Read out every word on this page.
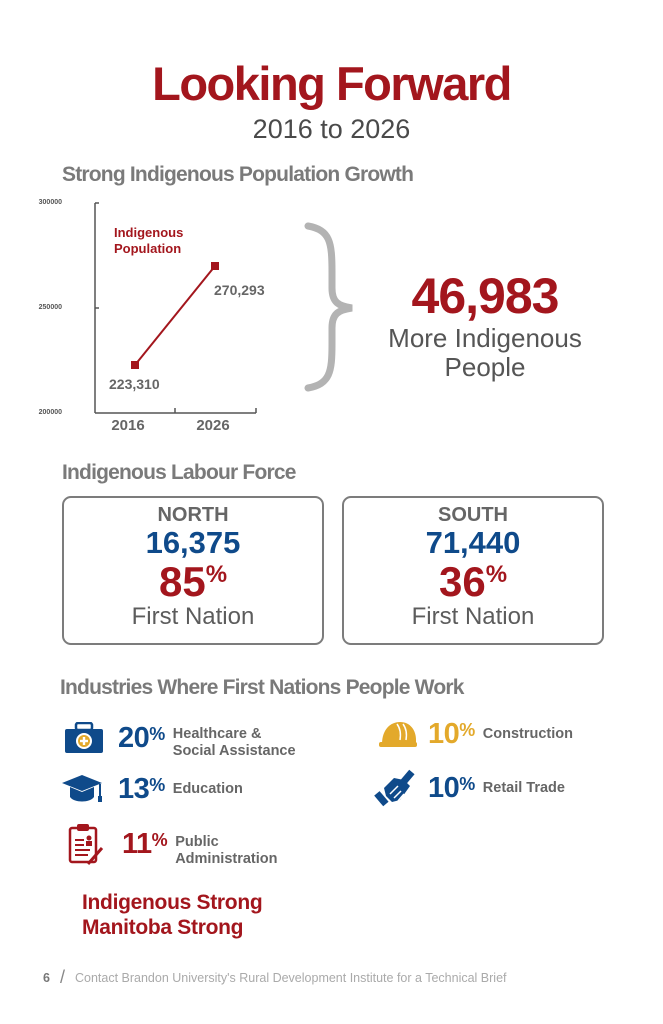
Looking Forward
2016 to 2026
Strong Indigenous Population Growth
300000
250000
200000
Indigenous
Population
270,293
223,310
2016	2026
46,983
More Indigenous
People
Indigenous Labour Force
NORTH
16,375
85%
First Nation
SOUTH
71,440
36%
First Nation
Industries Where First Nations People Work
20% Healthcare &
Social Assistance
13% Education
11% Public
Administration
10% Construction
10% Retail Trade
Indigenous Strong
Manitoba Strong
6 / Contact Brandon University's Rural Development Institute for a Technical Brief
